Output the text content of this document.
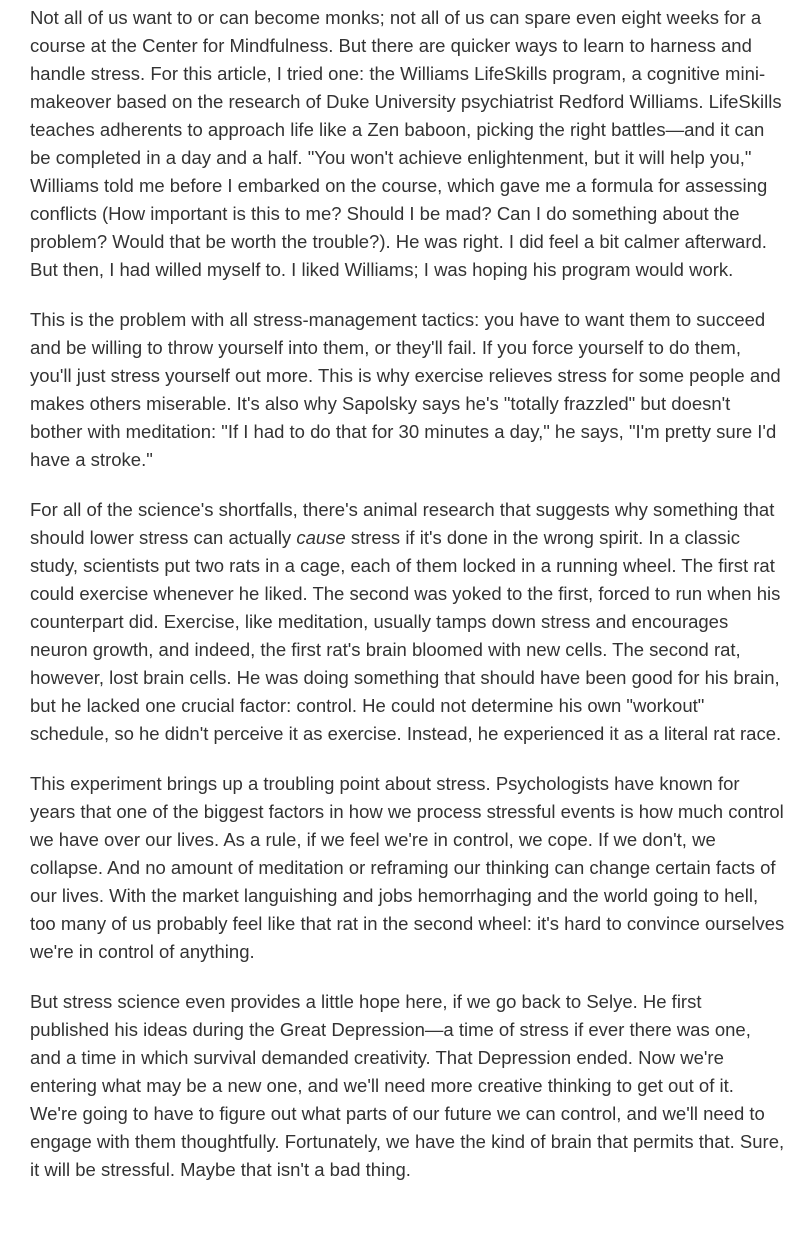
Not all of us want to or can become monks; not all of us can spare even eight weeks for a course at the Center for Mindfulness. But there are quicker ways to learn to harness and handle stress. For this article, I tried one: the Williams LifeSkills program, a cognitive mini-makeover based on the research of Duke University psychiatrist Redford Williams. LifeSkills teaches adherents to approach life like a Zen baboon, picking the right battles—and it can be completed in a day and a half. "You won't achieve enlightenment, but it will help you," Williams told me before I embarked on the course, which gave me a formula for assessing conflicts (How important is this to me? Should I be mad? Can I do something about the problem? Would that be worth the trouble?). He was right. I did feel a bit calmer afterward. But then, I had willed myself to. I liked Williams; I was hoping his program would work.

This is the problem with all stress-management tactics: you have to want them to succeed and be willing to throw yourself into them, or they'll fail. If you force yourself to do them, you'll just stress yourself out more. This is why exercise relieves stress for some people and makes others miserable. It's also why Sapolsky says he's "totally frazzled" but doesn't bother with meditation: "If I had to do that for 30 minutes a day," he says, "I'm pretty sure I'd have a stroke."

For all of the science's shortfalls, there's animal research that suggests why something that should lower stress can actually cause stress if it's done in the wrong spirit. In a classic study, scientists put two rats in a cage, each of them locked in a running wheel. The first rat could exercise whenever he liked. The second was yoked to the first, forced to run when his counterpart did. Exercise, like meditation, usually tamps down stress and encourages neuron growth, and indeed, the first rat's brain bloomed with new cells. The second rat, however, lost brain cells. He was doing something that should have been good for his brain, but he lacked one crucial factor: control. He could not determine his own "workout" schedule, so he didn't perceive it as exercise. Instead, he experienced it as a literal rat race.

This experiment brings up a troubling point about stress. Psychologists have known for years that one of the biggest factors in how we process stressful events is how much control we have over our lives. As a rule, if we feel we're in control, we cope. If we don't, we collapse. And no amount of meditation or reframing our thinking can change certain facts of our lives. With the market languishing and jobs hemorrhaging and the world going to hell, too many of us probably feel like that rat in the second wheel: it's hard to convince ourselves we're in control of anything.

But stress science even provides a little hope here, if we go back to Selye. He first published his ideas during the Great Depression—a time of stress if ever there was one, and a time in which survival demanded creativity. That Depression ended. Now we're entering what may be a new one, and we'll need more creative thinking to get out of it. We're going to have to figure out what parts of our future we can control, and we'll need to engage with them thoughtfully. Fortunately, we have the kind of brain that permits that. Sure, it will be stressful. Maybe that isn't a bad thing.
